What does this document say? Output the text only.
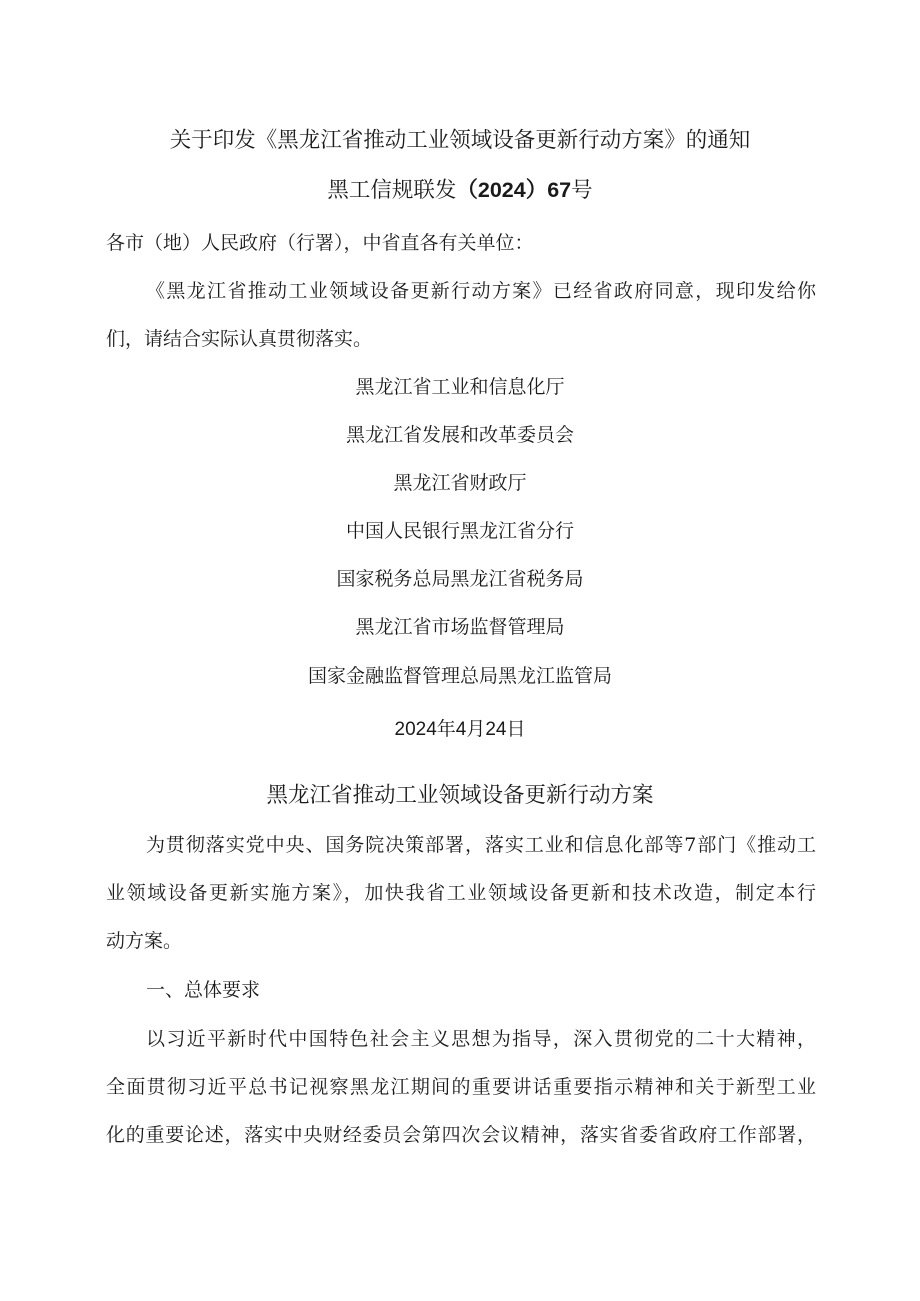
关于印发《黑龙江省推动工业领域设备更新行动方案》的通知
黑工信规联发（2024）67号
各市（地）人民政府（行署），中省直各有关单位：
《黑龙江省推动工业领域设备更新行动方案》已经省政府同意，现印发给你
们，请结合实际认真贯彻落实。
黑龙江省工业和信息化厅
黑龙江省发展和改革委员会
黑龙江省财政厅
中国人民银行黑龙江省分行
国家税务总局黑龙江省税务局
黑龙江省市场监督管理局
国家金融监督管理总局黑龙江监管局
2024年4月24日
黑龙江省推动工业领域设备更新行动方案
为贯彻落实党中央、国务院决策部署，落实工业和信息化部等7部门《推动工
业领域设备更新实施方案》，加快我省工业领域设备更新和技术改造，制定本行
动方案。
一、总体要求
以习近平新时代中国特色社会主义思想为指导，深入贯彻党的二十大精神，
全面贯彻习近平总书记视察黑龙江期间的重要讲话重要指示精神和关于新型工业
化的重要论述，落实中央财经委员会第四次会议精神，落实省委省政府工作部署，
